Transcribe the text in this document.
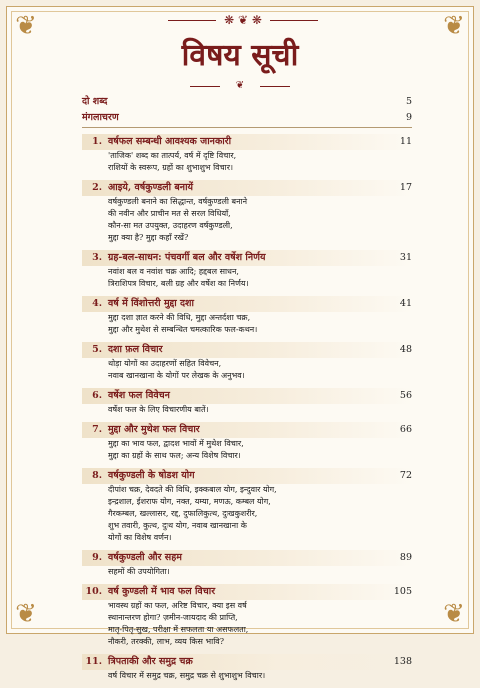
❦	❦
❦	❦
❋ ❦ ❋
विषय सूची
❦
दो शब्द	5
मंगलाचरण	9
1. वर्षफल सम्बन्धी आवश्यक जानकारी	11
'ताजिक' शब्द का तात्पर्य, वर्ष में दृष्टि विचार,
राशियों के स्वरूप, ग्रहों का शुभाशुभ विचार।
2. आइये, वर्षकुण्डली बनायें	17
वर्षकुण्डली बनाने का सिद्धान्त, वर्षकुण्डली बनाने
की नवीन और प्राचीन मत से सरल विधियाँ,
कौन-सा मत उपयुक्त, उदाहरण वर्षकुण्डली,
मुद्दा क्या है? मुद्दा कहाँ रखें?
3. ग्रह-बल-साधन: पंचवर्गी बल और वर्षेश निर्णय	31
नवांश बल व नवांश चक्र आदि; हद्दबल साधन,
त्रिराशिपत्र विचार, बली ग्रह और वर्षेश का निर्णय।
4. वर्ष में विंशोत्तरी मुद्दा दशा	41
मुद्दा दशा ज्ञात करने की विधि, मुद्दा अन्तर्दशा चक्र,
मुद्दा और मुथेश से सम्बन्धित चमत्कारिक फल-कथन।
5. दशा फ़ल विचार	48
थोड़ा योगों का उदाहरणों सहित विवेचन,
नवाब खानखाना के योगों पर लेखक के अनुभव।
6. वर्षेश फल विवेचन	56
वर्षेश फल के लिए विचारणीय बातें।
7. मुद्दा और मुथेश फल विचार	66
मुद्दा का भाव फल, द्वादश भावों में मुथेश विचार,
मुद्दा का ग्रहों के साथ फल; अन्य विशेष विचार।
8. वर्षकुण्डली के षोडश योग	72
दीपांश चक्र, देवदते की विधि, इक्कबाल योग, इन्दुवार योग,
इन्द्रशाल, ईशराफ योग, नक्त, यम्या, मणऊ, कम्बल योग,
गैरकम्बल, खल्लासर, रद्द, दुफालिकुत्थ, दुःखकुशरीर,
शुभ तवारी, कुत्थ, दुःथ योग, नवाब खानखाना के
योगों का विशेष वर्णन।
9. वर्षकुण्डली और सहम	89
सहमों की उपयोगिता।
10. वर्ष कुण्डली में भाव फल विचार	105
भावस्थ ग्रहों का फल, अरिष्ट विचार, क्या इस वर्ष
स्थानान्तरण होगा? ज़मीन-जायदाद की प्राप्ति,
मातृ-पितृ-सुख, परीक्षा में सफलता या असफलता,
नौकरी, तरक्की, लाभ, व्यय किस भावि?
11. त्रिपताकी और समुद्र चक्र	138
वर्ष विचार में समुद्र चक्र, समुद्र चक्र से शुभाशुभ विचार।
